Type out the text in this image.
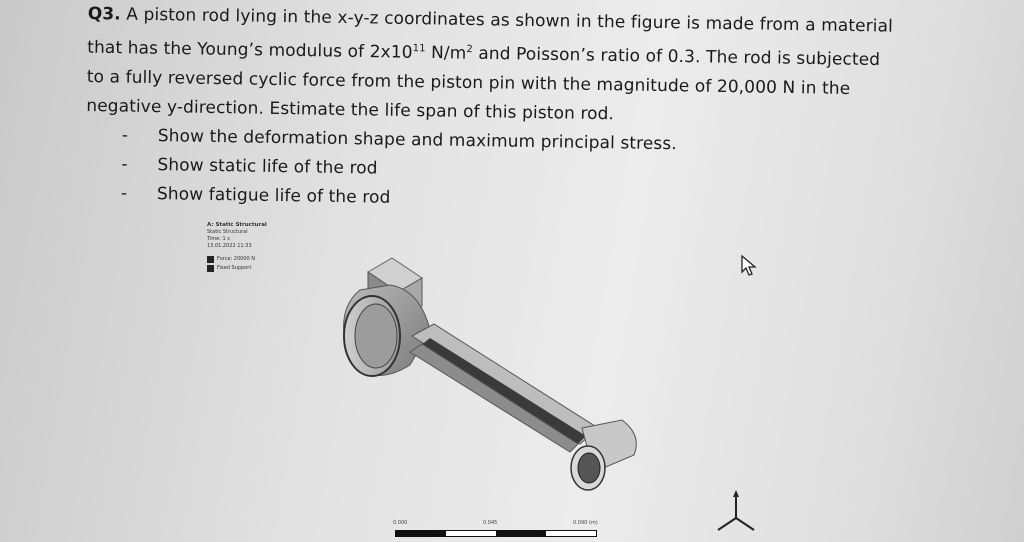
Q3. A piston rod lying in the x-y-z coordinates as shown in the figure is made from a material

that has the Young’s modulus of $2x10^{11}$ $N/m^2$ and Poisson’s ratio of 0.3. The rod is subjected

to a fully reversed cyclic force from the piston pin with the magnitude of 20,000 N in the

negative y-direction. Estimate the life span of this piston rod.

- Show the deformation shape and maximum principal stress.
- Show static life of the rod
- Show fatigue life of the rod
A: Static Structural
Static Structural
Time: 1 s
13.01.2022 11:33
Force: 20000 N
Fixed Support
0.000	0.045	0.090 (m)
